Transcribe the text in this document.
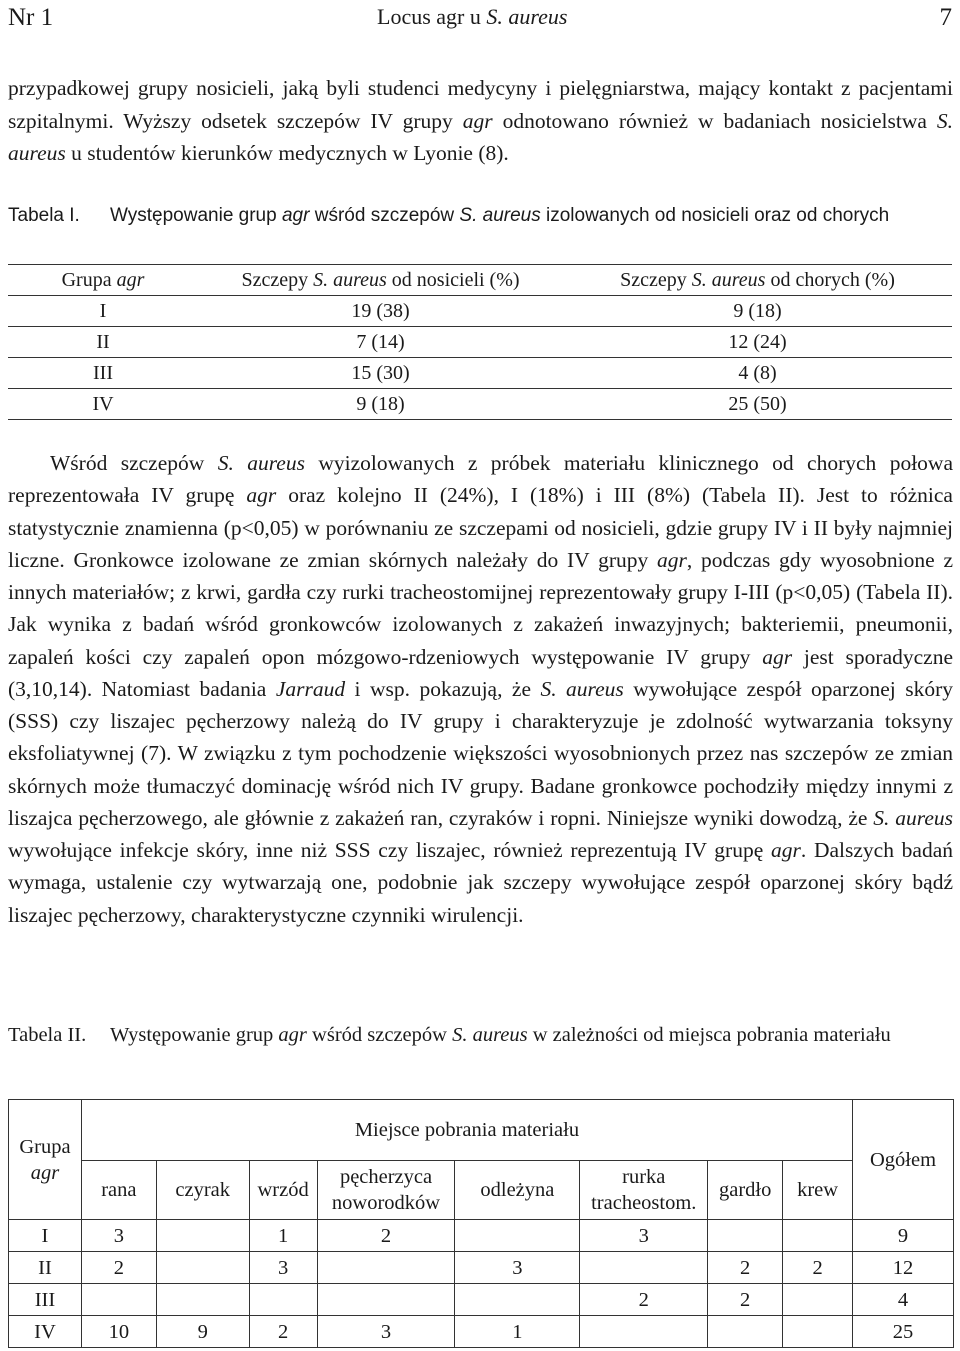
Nr 1	Locus agr u S. aureus	7

przypadkowej grupy nosicieli, jaką byli studenci medycyny i pielęgniarstwa, mający kontakt z pacjentami szpitalnymi. Wyższy odsetek szczepów IV grupy agr odnotowano również w badaniach nosicielstwa S. aureus u studentów kierunków medycznych w Lyonie (8).

Tabela I. Występowanie grup agr wśród szczepów S. aureus izolowanych od nosicieli oraz od chorych
Grupa agr	Szczepy S. aureus od nosicieli (%)	Szczepy S. aureus od chorych (%)
I	19 (38)	9 (18)
II	7 (14)	12 (24)
III	15 (30)	4 (8)
IV	9 (18)	25 (50)

Wśród szczepów S. aureus wyizolowanych z próbek materiału klinicznego od chorych połowa reprezentowała IV grupę agr oraz kolejno II (24%), I (18%) i III (8%) (Tabela II). Jest to różnica statystycznie znamienna (p<0,05) w porównaniu ze szczepami od nosicieli, gdzie grupy IV i II były najmniej liczne. Gronkowce izolowane ze zmian skórnych należały do IV grupy agr, podczas gdy wyosobnione z innych materiałów; z krwi, gardła czy rurki tracheostomijnej reprezentowały grupy I-III (p<0,05) (Tabela II). Jak wynika z badań wśród gronkowców izolowanych z zakażeń inwazyjnych; bakteriemii, pneumonii, zapaleń kości czy zapaleń opon mózgowo-rdzeniowych występowanie IV grupy agr jest sporadyczne (3,10,14). Natomiast badania Jarraud i wsp. pokazują, że S. aureus wywołujące zespół oparzonej skóry (SSS) czy liszajec pęcherzowy należą do IV grupy i charakteryzuje je zdolność wytwarzania toksyny eksfoliatywnej (7). W związku z tym pochodzenie większości wyosobnionych przez nas szczepów ze zmian skórnych może tłumaczyć dominację wśród nich IV grupy. Badane gronkowce pochodziły między innymi z liszajca pęcherzowego, ale głównie z zakażeń ran, czyraków i ropni. Niniejsze wyniki dowodzą, że S. aureus wywołujące infekcje skóry, inne niż SSS czy liszajec, również reprezentują IV grupę agr. Dalszych badań wymaga, ustalenie czy wytwarzają one, podobnie jak szczepy wywołujące zespół oparzonej skóry bądź liszajec pęcherzowy, charakterystyczne czynniki wirulencji.

Tabela II. Występowanie grup agr wśród szczepów S. aureus w zależności od miejsca pobrania materiału
Grupa
agr	Miejsce pobrania materiału								Ogółem
	rana	czyrak	wrzód	pęcherzyca noworodków	odleżyna	rurka tracheostom.	gardło	krew	
I	3		1	2		3			9
II	2		3		3		2	2	12
III						2	2		4
IV	10	9	2	3	1				25
